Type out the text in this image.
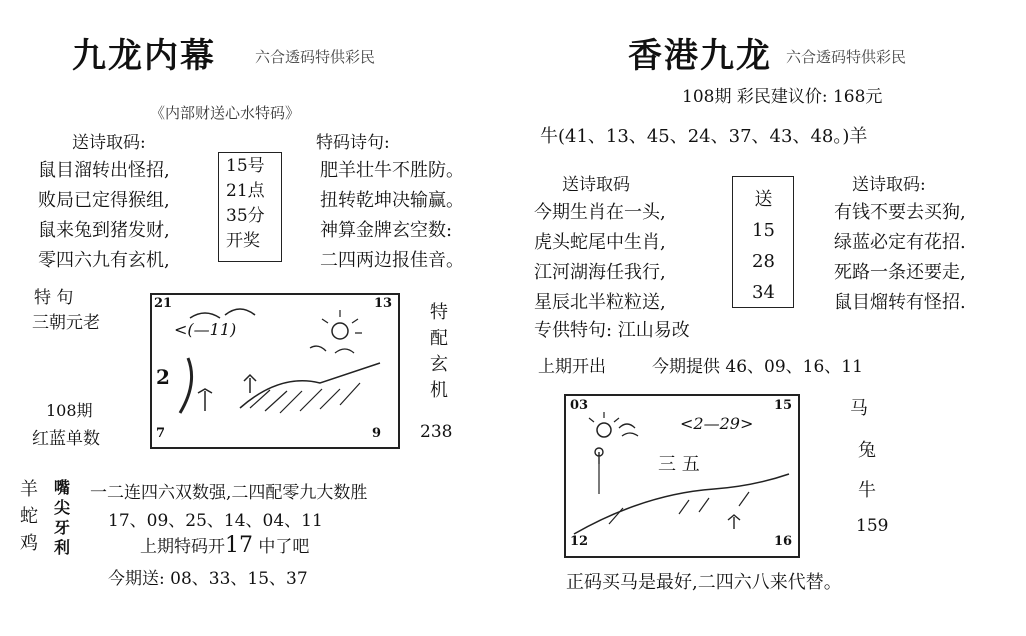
九龙内幕	六合透码特供彩民
《内部财送心水特码》
送诗取码:
鼠目溜转出怪招,
败局已定得猴组,
鼠来兔到猪发财,
零四六九有玄机,
15号
21点
35分
开奖
特码诗句:
肥羊壮牛不胜防。
扭转乾坤决输赢。
神算金牌玄空数:
二四两边报佳音。
特 句
三朝元老
108期
红蓝单数
21	13
7	9
<(—11)
2
特
配
玄
机
238
羊
蛇
鸡
嘴
尖
牙
利
一二连四六双数强,二四配零九大数胜
17、09、25、14、04、11
上期特码开17 中了吧
今期送: 08、33、15、37
香港九龙 六合透码特供彩民
108期 彩民建议价: 168元
牛(41、13、45、24、37、43、48。)羊
送诗取码
今期生肖在一头,
虎头蛇尾中生肖,
江河湖海任我行,
星辰北半粒粒送,
送
15
28
34
送诗取码:
有钱不要去买狗,
绿蓝必定有花招.
死路一条还要走,
鼠目熘转有怪招.
专供特句: 江山易改
上期开出	今期提供 46、09、16、11
03	15
12	16
<2—29>
三 五
马
兔
牛
159
正码买马是最好,二四六八来代替。
